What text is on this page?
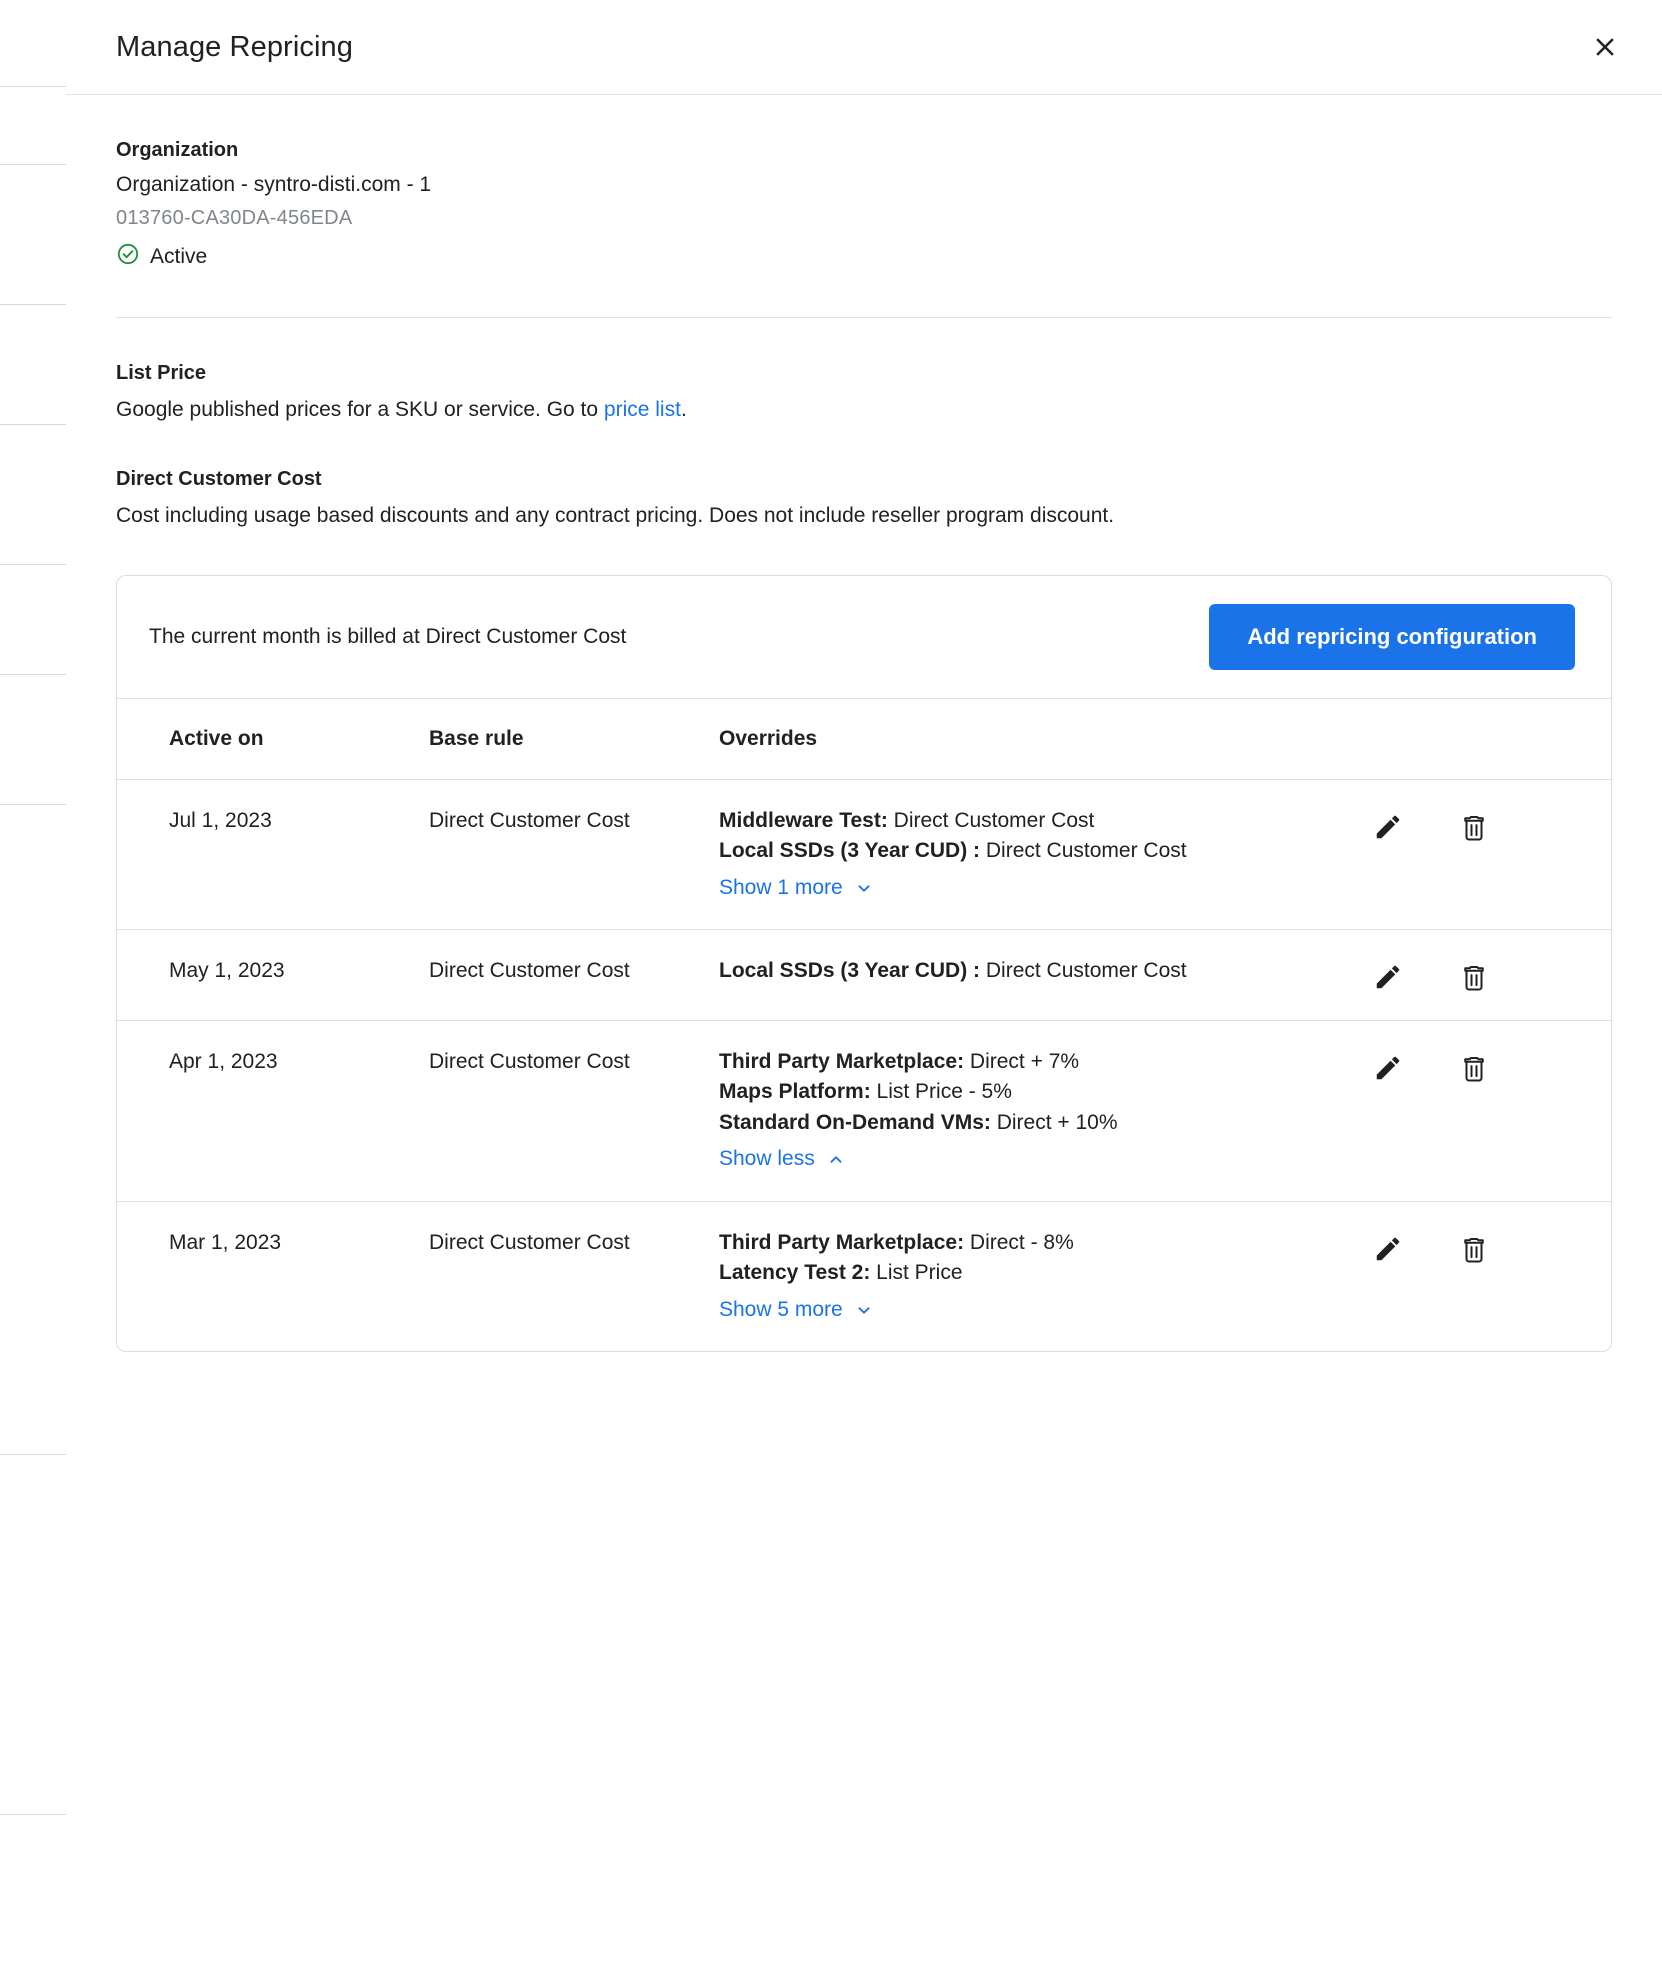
Manage Repricing
Organization
Organization - syntro-disti.com - 1
013760-CA30DA-456EDA
Active
List Price
Google published prices for a SKU or service. Go to price list.
Direct Customer Cost
Cost including usage based discounts and any contract pricing. Does not include reseller program discount.
The current month is billed at Direct Customer Cost	Add repricing configuration
Active on	Base rule	Overrides	
Jul 1, 2023	Direct Customer Cost	Middleware Test: Direct Customer Cost
Local SSDs (3 Year CUD) : Direct Customer Cost
Show 1 more

May 1, 2023	Direct Customer Cost	Local SSDs (3 Year CUD) : Direct Customer Cost

Apr 1, 2023	Direct Customer Cost	Third Party Marketplace: Direct + 7%
Maps Platform: List Price - 5%
Standard On-Demand VMs: Direct + 10%
Show less

Mar 1, 2023	Direct Customer Cost	Third Party Marketplace: Direct - 8%
Latency Test 2: List Price
Show 5 more
